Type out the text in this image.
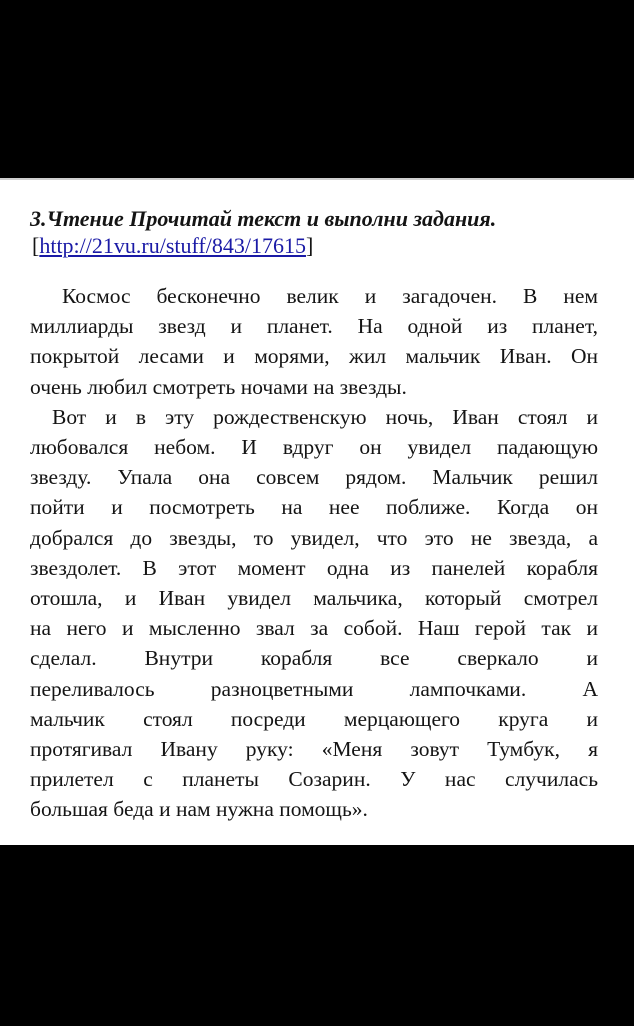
3.Чтение Прочитай текст и выполни задания.

[http://21vu.ru/stuff/843/17615]

Космос бесконечно велик и загадочен. В нем
миллиарды звезд и планет. На одной из планет,
покрытой лесами и морями, жил мальчик Иван. Он
очень любил смотреть ночами на звезды.
Вот и в эту рождественскую ночь, Иван стоял и
любовался небом. И вдруг он увидел падающую
звезду. Упала она совсем рядом. Мальчик решил
пойти и посмотреть на нее поближе. Когда он
добрался до звезды, то увидел, что это не звезда, а
звездолет. В этот момент одна из панелей корабля
отошла, и Иван увидел мальчика, который смотрел
на него и мысленно звал за собой. Наш герой так и
сделал. Внутри корабля все сверкало и
переливалось разноцветными лампочками. А
мальчик стоял посреди мерцающего круга и
протягивал Ивану руку: «Меня зовут Тумбук, я
прилетел с планеты Созарин. У нас случилась
большая беда и нам нужна помощь».
